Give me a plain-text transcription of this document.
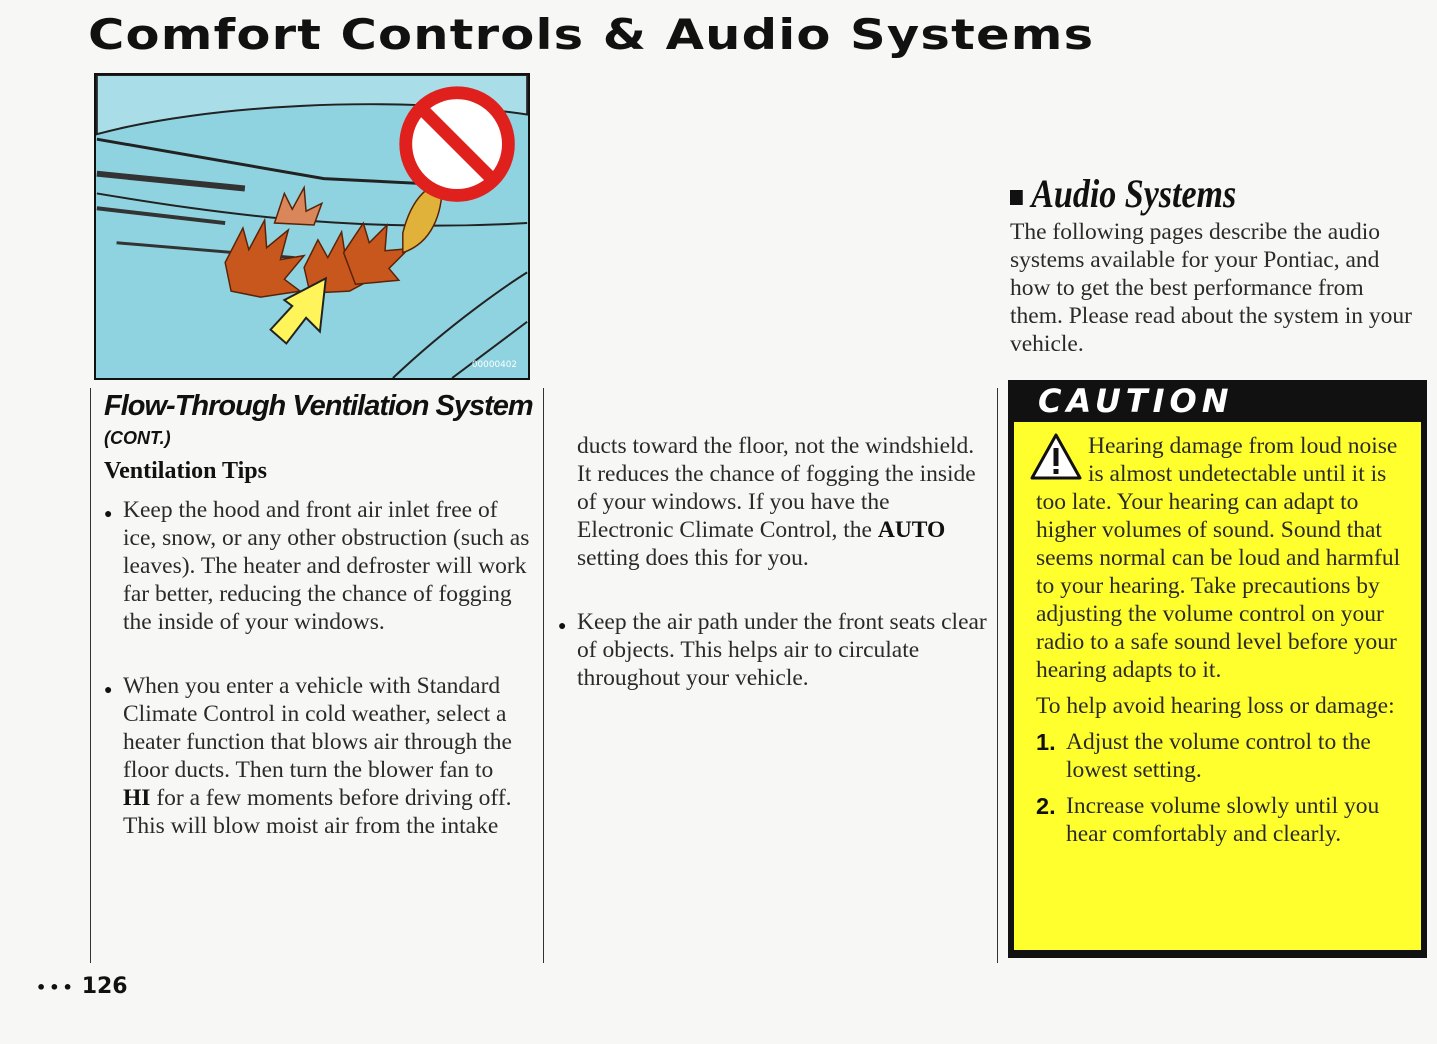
Comfort Controls & Audio Systems
00000402
Flow-Through Ventilation System
(CONT.)
Ventilation Tips
● Keep the hood and front air inlet free of ice, snow, or any other obstruction (such as leaves). The heater and defroster will work far better, reducing the chance of fogging the inside of your windows.
● When you enter a vehicle with Standard Climate Control in cold weather, select a heater function that blows air through the floor ducts. Then turn the blower fan to HI for a few moments before driving off. This will blow moist air from the intake
ducts toward the floor, not the windshield. It reduces the chance of fogging the inside of your windows. If you have the Electronic Climate Control, the AUTO setting does this for you.
● Keep the air path under the front seats clear of objects. This helps air to circulate throughout your vehicle.
Audio Systems
The following pages describe the audio systems available for your Pontiac, and how to get the best performance from them. Please read about the system in your vehicle.
CAUTION

Hearing damage from loud noise is almost undetectable until it is too late. Your hearing can adapt to higher volumes of sound. Sound that seems normal can be loud and harmful to your hearing. Take precautions by adjusting the volume control on your radio to a safe sound level before your hearing adapts to it.

To help avoid hearing loss or damage:

1. Adjust the volume control to the lowest setting.
2. Increase volume slowly until you hear comfortably and clearly.
••• 126
